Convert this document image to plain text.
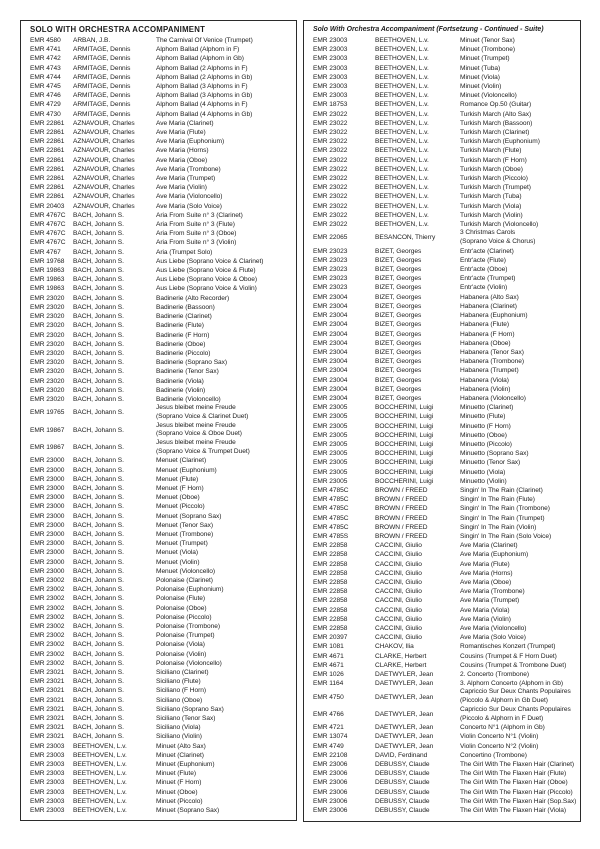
SOLO WITH ORCHESTRA ACCOMPANIMENT
EMR 4580	ARBAN, J.B.	The Carnival Of Venice (Trumpet)
EMR 4741	ARMITAGE, Dennis	Alphorn Ballad (Alphorn in F)
EMR 4742	ARMITAGE, Dennis	Alphorn Ballad (Alphorn in Gb)
EMR 4743	ARMITAGE, Dennis	Alphorn Ballad (2 Alphorns in F)
EMR 4744	ARMITAGE, Dennis	Alphorn Ballad (2 Alphorns in Gb)
EMR 4745	ARMITAGE, Dennis	Alphorn Ballad (3 Alphorns in F)
EMR 4746	ARMITAGE, Dennis	Alphorn Ballad (3 Alphorns in Gb)
EMR 4729	ARMITAGE, Dennis	Alphorn Ballad (4 Alphorns in F)
EMR 4730	ARMITAGE, Dennis	Alphorn Ballad (4 Alphorns in Gb)
EMR 22861	AZNAVOUR, Charles	Ave Maria (Clarinet)
EMR 22861	AZNAVOUR, Charles	Ave Maria (Flute)
EMR 22861	AZNAVOUR, Charles	Ave Maria (Euphonium)
EMR 22861	AZNAVOUR, Charles	Ave Maria (Horns)
EMR 22861	AZNAVOUR, Charles	Ave Maria (Oboe)
EMR 22861	AZNAVOUR, Charles	Ave Maria (Trombone)
EMR 22861	AZNAVOUR, Charles	Ave Maria (Trumpet)
EMR 22861	AZNAVOUR, Charles	Ave Maria (Violin)
EMR 22861	AZNAVOUR, Charles	Ave Maria (Violoncello)
EMR 20403	AZNAVOUR, Charles	Ave Maria (Solo Voice)
EMR 4767C	BACH, Johann S.	Aria From Suite n° 3 (Clarinet)
EMR 4767C	BACH, Johann S.	Aria From Suite n° 3 (Flute)
EMR 4767C	BACH, Johann S.	Aria From Suite n° 3 (Oboe)
EMR 4767C	BACH, Johann S.	Aria From Suite n° 3 (Violin)
EMR 4767	BACH, Johann S.	Aria (Trumpet Solo)
EMR 19768	BACH, Johann S.	Aus Liebe (Soprano Voice & Clarinet)
EMR 19863	BACH, Johann S.	Aus Liebe (Soprano Voice & Flute)
EMR 19863	BACH, Johann S.	Aus Liebe (Soprano Voice & Oboe)
EMR 19863	BACH, Johann S.	Aus Liebe (Soprano Voice & Violin)
EMR 23020	BACH, Johann S.	Badinerie (Alto Recorder)
EMR 23020	BACH, Johann S.	Badinerie (Bassoon)
EMR 23020	BACH, Johann S.	Badinerie (Clarinet)
EMR 23020	BACH, Johann S.	Badinerie (Flute)
EMR 23020	BACH, Johann S.	Badinerie (F Horn)
EMR 23020	BACH, Johann S.	Badinerie (Oboe)
EMR 23020	BACH, Johann S.	Badinerie (Piccolo)
EMR 23020	BACH, Johann S.	Badinerie (Soprano Sax)
EMR 23020	BACH, Johann S.	Badinerie (Tenor Sax)
EMR 23020	BACH, Johann S.	Badinerie (Viola)
EMR 23020	BACH, Johann S.	Badinerie (Violin)
EMR 23020	BACH, Johann S.	Badinerie (Violoncello)
EMR 19765	BACH, Johann S.
Jesus bleibet meine Freude
(Soprano Voice & Clarinet Duet)
EMR 19867	BACH, Johann S.
Jesus bleibet meine Freude
(Soprano Voice & Oboe Duet)
EMR 19867	BACH, Johann S.
Jesus bleibet meine Freude
(Soprano Voice & Trumpet Duet)
EMR 23000	BACH, Johann S.	Menuet (Clarinet)
EMR 23000	BACH, Johann S.	Menuet (Euphonium)
EMR 23000	BACH, Johann S.	Menuet (Flute)
EMR 23000	BACH, Johann S.	Menuet (F Horn)
EMR 23000	BACH, Johann S.	Menuet (Oboe)
EMR 23000	BACH, Johann S.	Menuet (Piccolo)
EMR 23000	BACH, Johann S.	Menuet (Soprano Sax)
EMR 23000	BACH, Johann S.	Menuet (Tenor Sax)
EMR 23000	BACH, Johann S.	Menuet (Trombone)
EMR 23000	BACH, Johann S.	Menuet (Trumpet)
EMR 23000	BACH, Johann S.	Menuet (Viola)
EMR 23000	BACH, Johann S.	Menuet (Violin)
EMR 23000	BACH, Johann S.	Menuet (Violoncello)
EMR 23002	BACH, Johann S.	Polonaise (Clarinet)
EMR 23002	BACH, Johann S.	Polonaise (Euphonium)
EMR 23002	BACH, Johann S.	Polonaise (Flute)
EMR 23002	BACH, Johann S.	Polonaise (Oboe)
EMR 23002	BACH, Johann S.	Polonaise (Piccolo)
EMR 23002	BACH, Johann S.	Polonaise (Trombone)
EMR 23002	BACH, Johann S.	Polonaise (Trumpet)
EMR 23002	BACH, Johann S.	Polonaise (Viola)
EMR 23002	BACH, Johann S.	Polonaise (Violin)
EMR 23002	BACH, Johann S.	Polonaise (Violoncello)
EMR 23021	BACH, Johann S.	Siciliano (Clarinet)
EMR 23021	BACH, Johann S.	Siciliano (Flute)
EMR 23021	BACH, Johann S.	Siciliano (F Horn)
EMR 23021	BACH, Johann S.	Siciliano (Oboe)
EMR 23021	BACH, Johann S.	Siciliano (Soprano Sax)
EMR 23021	BACH, Johann S.	Siciliano (Tenor Sax)
EMR 23021	BACH, Johann S.	Siciliano (Viola)
EMR 23021	BACH, Johann S.	Siciliano (Violin)
EMR 23003	BEETHOVEN, L.v.	Minuet (Alto Sax)
EMR 23003	BEETHOVEN, L.v.	Minuet (Clarinet)
EMR 23003	BEETHOVEN, L.v.	Minuet (Euphonium)
EMR 23003	BEETHOVEN, L.v.	Minuet (Flute)
EMR 23003	BEETHOVEN, L.v.	Minuet (F Horn)
EMR 23003	BEETHOVEN, L.v.	Minuet (Oboe)
EMR 23003	BEETHOVEN, L.v.	Minuet (Piccolo)
EMR 23003	BEETHOVEN, L.v.	Minuet (Soprano Sax)
Solo With Orchestra Accompaniment (Fortsetzung - Continued - Suite)
EMR 23003	BEETHOVEN, L.v.	Minuet (Tenor Sax)
EMR 23003	BEETHOVEN, L.v.	Minuet (Trombone)
EMR 23003	BEETHOVEN, L.v.	Minuet (Trumpet)
EMR 23003	BEETHOVEN, L.v.	Minuet (Tuba)
EMR 23003	BEETHOVEN, L.v.	Minuet (Viola)
EMR 23003	BEETHOVEN, L.v.	Minuet (Violin)
EMR 23003	BEETHOVEN, L.v.	Minuet (Violoncello)
EMR 18753	BEETHOVEN, L.v.	Romance Op.50 (Guitar)
EMR 23022	BEETHOVEN, L.v.	Turkish March (Alto Sax)
EMR 23022	BEETHOVEN, L.v.	Turkish March (Bassoon)
EMR 23022	BEETHOVEN, L.v.	Turkish March (Clarinet)
EMR 23022	BEETHOVEN, L.v.	Turkish March (Euphonium)
EMR 23022	BEETHOVEN, L.v.	Turkish March (Flute)
EMR 23022	BEETHOVEN, L.v.	Turkish March (F Horn)
EMR 23022	BEETHOVEN, L.v.	Turkish March (Oboe)
EMR 23022	BEETHOVEN, L.v.	Turkish March (Piccolo)
EMR 23022	BEETHOVEN, L.v.	Turkish March (Trumpet)
EMR 23022	BEETHOVEN, L.v.	Turkish March (Tuba)
EMR 23022	BEETHOVEN, L.v.	Turkish March (Viola)
EMR 23022	BEETHOVEN, L.v.	Turkish March (Violin)
EMR 23022	BEETHOVEN, L.v.	Turkish March (Violoncello)
EMR 22065	BESANCON, Thierry
3 Christmas Carols
(Soprano Voice & Chorus)
EMR 23023	BIZET, Georges	Entr'acte (Clarinet)
EMR 23023	BIZET, Georges	Entr'acte (Flute)
EMR 23023	BIZET, Georges	Entr'acte (Oboe)
EMR 23023	BIZET, Georges	Entr'acte (Trumpet)
EMR 23023	BIZET, Georges	Entr'acte (Violin)
EMR 23004	BIZET, Georges	Habanera (Alto Sax)
EMR 23004	BIZET, Georges	Habanera (Clarinet)
EMR 23004	BIZET, Georges	Habanera (Euphonium)
EMR 23004	BIZET, Georges	Habanera (Flute)
EMR 23004	BIZET, Georges	Habanera (F Horn)
EMR 23004	BIZET, Georges	Habanera (Oboe)
EMR 23004	BIZET, Georges	Habanera (Tenor Sax)
EMR 23004	BIZET, Georges	Habanera (Trombone)
EMR 23004	BIZET, Georges	Habanera (Trumpet)
EMR 23004	BIZET, Georges	Habanera (Viola)
EMR 23004	BIZET, Georges	Habanera (Violin)
EMR 23004	BIZET, Georges	Habanera (Violoncello)
EMR 23005	BOCCHERINI, Luigi	Minuetto (Clarinet)
EMR 23005	BOCCHERINI, Luigi	Minuetto (Flute)
EMR 23005	BOCCHERINI, Luigi	Minuetto (F Horn)
EMR 23005	BOCCHERINI, Luigi	Minuetto (Oboe)
EMR 23005	BOCCHERINI, Luigi	Minuetto (Piccolo)
EMR 23005	BOCCHERINI, Luigi	Minuetto (Soprano Sax)
EMR 23005	BOCCHERINI, Luigi	Minuetto (Tenor Sax)
EMR 23005	BOCCHERINI, Luigi	Minuetto (Viola)
EMR 23005	BOCCHERINI, Luigi	Minuetto (Violin)
EMR 4785C	BROWN / FREED	Singin' In The Rain (Clarinet)
EMR 4785C	BROWN / FREED	Singin' In The Rain (Flute)
EMR 4785C	BROWN / FREED	Singin' In The Rain (Trombone)
EMR 4785C	BROWN / FREED	Singin' In The Rain (Trumpet)
EMR 4785C	BROWN / FREED	Singin' In The Rain (Violin)
EMR 4785S	BROWN / FREED	Singin' In The Rain (Solo Voice)
EMR 22858	CACCINI, Giulio	Ave Maria (Clarinet)
EMR 22858	CACCINI, Giulio	Ave Maria (Euphonium)
EMR 22858	CACCINI, Giulio	Ave Maria (Flute)
EMR 22858	CACCINI, Giulio	Ave Maria (Horns)
EMR 22858	CACCINI, Giulio	Ave Maria (Oboe)
EMR 22858	CACCINI, Giulio	Ave Maria (Trombone)
EMR 22858	CACCINI, Giulio	Ave Maria (Trumpet)
EMR 22858	CACCINI, Giulio	Ave Maria (Viola)
EMR 22858	CACCINI, Giulio	Ave Maria (Violin)
EMR 22858	CACCINI, Giulio	Ave Maria (Violoncello)
EMR 20397	CACCINI, Giulio	Ave Maria (Solo Voice)
EMR 1081	CHAKOV, Ilia	Romantisches Konzert (Trumpet)
EMR 4671	CLARKE, Herbert	Cousins (Trumpet & F Horn Duet)
EMR 4671	CLARKE, Herbert	Cousins (Trumpet & Trombone Duet)
EMR 1026	DAETWYLER, Jean	2. Concerto (Trombone)
EMR 1164	DAETWYLER, Jean	3. Alphorn Concerto (Alphorn in Gb)
EMR 4750	DAETWYLER, Jean
Capriccio Sur Deux Chants Populaires
(Piccolo & Alphorn in Gb Duet)
EMR 4766	DAETWYLER, Jean
Capriccio Sur Deux Chants Populaires
(Piccolo & Alphorn in F Duet)
EMR 4721	DAETWYLER, Jean	Concerto N°1 (Alphorn in Gb)
EMR 13074	DAETWYLER, Jean	Violin Concerto N°1 (Violin)
EMR 4749	DAETWYLER, Jean	Violin Concerto N°2 (Violin)
EMR 22108	DAVID, Ferdinand	Concertino (Trombone)
EMR 23006	DEBUSSY, Claude	The Girl With The Flaxen Hair (Clarinet)
EMR 23006	DEBUSSY, Claude	The Girl With The Flaxen Hair (Flute)
EMR 23006	DEBUSSY, Claude	The Girl With The Flaxen Hair (Oboe)
EMR 23006	DEBUSSY, Claude	The Girl With The Flaxen Hair (Piccolo)
EMR 23006	DEBUSSY, Claude	The Girl With The Flaxen Hair (Sop.Sax)
EMR 23006	DEBUSSY, Claude	The Girl With The Flaxen Hair (Viola)
